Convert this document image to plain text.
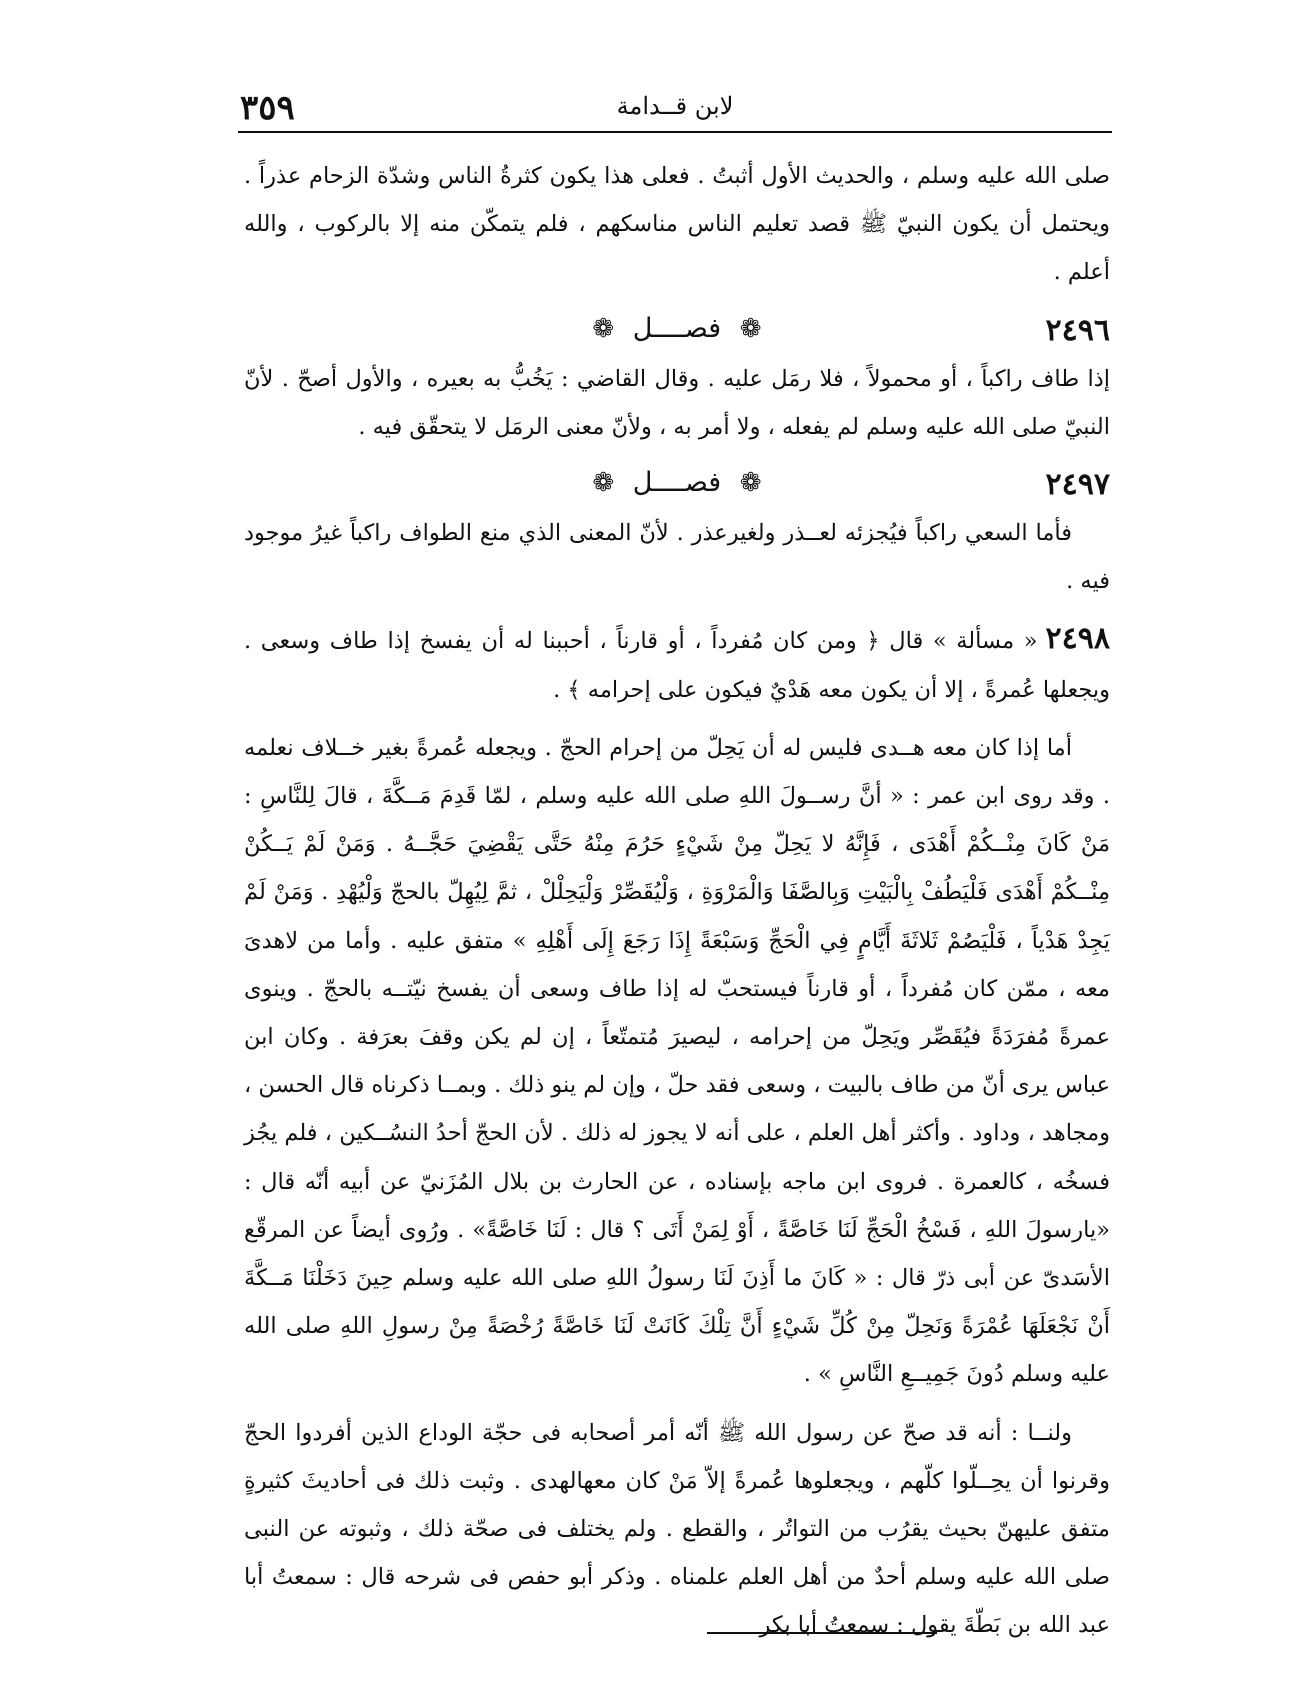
٣٥٩	لابن قــدامة

صلى الله عليه وسلم ، والحديث الأول أثبتُ . فعلى هذا يكون كثرةُ الناس وشدّة الزحام عذراً . ويحتمل أن يكون النبيّ ﷺ قصد تعليم الناس مناسكهم ، فلم يتمكّن منه إلا بالركوب ، والله أعلم .

٢٤٩٦
❁ فصــــل ❁

إذا طاف راكباً ، أو محمولاً ، فلا رمَل عليه . وقال القاضي : يَخُبُّ به بعيره ، والأول أصحّ . لأنّ النبيّ صلى الله عليه وسلم لم يفعله ، ولا أمر به ، ولأنّ معنى الرمَل لا يتحقّق فيه .

٢٤٩٧
❁ فصــــل ❁

فأما السعي راكباً فيُجزئه لعــذر ولغيرعذر . لأنّ المعنى الذي منع الطواف راكباً غيرُ موجود فيه .

٢٤٩٨« مسألة » قال ﴿ ومن كان مُفرداً ، أو قارناً ، أحببنا له أن يفسخ إذا طاف وسعى . ويجعلها عُمرةً ، إلا أن يكون معه هَدْيٌ فيكون على إحرامه ﴾ .

أما إذا كان معه هــدى فليس له أن يَحِلّ من إحرام الحجّ . ويجعله عُمرةً بغير خــلاف نعلمه . وقد روى ابن عمر : « أنَّ رســولَ اللهِ صلى الله عليه وسلم ، لمّا قَدِمَ مَــكَّةَ ، قالَ لِلنَّاسِ : مَنْ كَانَ مِنْــكُمْ أَهْدَى ، فَإِنَّهُ لا يَحِلّ مِنْ شَيْءٍ حَرُمَ مِنْهُ حَتَّى يَقْضِيَ حَجَّــهُ . وَمَنْ لَمْ يَــكُنْ مِنْــكُمْ أَهْدَى فَلْيَطُفْ بِالْبَيْتِ وَبِالصَّفَا وَالْمَرْوَةِ ، وَلْيُقَصِّرْ وَلْيَحِلْلْ ، ثمَّ لِيُهِلّ بالحجّ وَلْيُهْدِ . وَمَنْ لَمْ يَجِدْ هَدْياً ، فَلْيَصُمْ ثَلاثَةَ أَيَّامٍ فِي الْحَجِّ وَسَبْعَةً إِذَا رَجَعَ إِلَى أَهْلِهِ » متفق عليه . وأما من لاهدىَ معه ، ممّن كان مُفرداً ، أو قارناً فيستحبّ له إذا طاف وسعى أن يفسخ نيّتــه بالحجّ . وينوى عمرةً مُفرَدَةً فيُقَصِّر ويَحِلّ من إحرامه ، ليصيرَ مُتمتّعاً ، إن لم يكن وقفَ بعرَفة . وكان ابن عباس يرى أنّ من طاف بالبيت ، وسعى فقد حلّ ، وإن لم ينو ذلك . وبمــا ذكرناه قال الحسن ، ومجاهد ، وداود . وأكثر أهل العلم ، على أنه لا يجوز له ذلك . لأن الحجّ أحدُ النسُــكين ، فلم يجُز فسخُه ، كالعمرة . فروى ابن ماجه بإسناده ، عن الحارث بن بلال المُزَنيّ عن أبيه أنّه قال : «يارسولَ اللهِ ، فَسْخُ الْحَجِّ لَنَا خَاصَّةً ، أَوْ لِمَنْ أَتَى ؟ قال : لَنَا خَاصَّةً» . ورُوى أيضاً عن المرقّع الأسَدىّ عن أبى ذرّ قال : « كَانَ ما أَذِنَ لَنَا رسولُ اللهِ صلى الله عليه وسلم حِينَ دَخَلْنَا مَــكَّةَ أَنْ نَجْعَلَهَا عُمْرَةً وَنَحِلّ مِنْ كُلِّ شَيْءٍ أَنَّ تِلْكَ كَانَتْ لَنَا خَاصَّةً رُخْصَةً مِنْ رسولِ اللهِ صلى الله عليه وسلم دُونَ جَمِيــعِ النَّاسِ » .

ولنــا : أنه قد صحّ عن رسول الله ﷺ أنّه أمر أصحابه فى حجّة الوداع الذين أفردوا الحجّ وقرنوا أن يحِــلّوا كلّهم ، ويجعلوها عُمرةً إلاّ مَنْ كان معهالهدى . وثبت ذلك فى أحاديثَ كثيرةٍ متفق عليهنّ بحيث يقرُب من التواتُر ، والقطع . ولم يختلف فى صحّة ذلك ، وثبوته عن النبى صلى الله عليه وسلم أحدٌ من أهل العلم علمناه . وذكر أبو حفص فى شرحه قال : سمعتُ أبا عبد الله بن بَطّةَ يقول : سمعتُ أبا بكر
